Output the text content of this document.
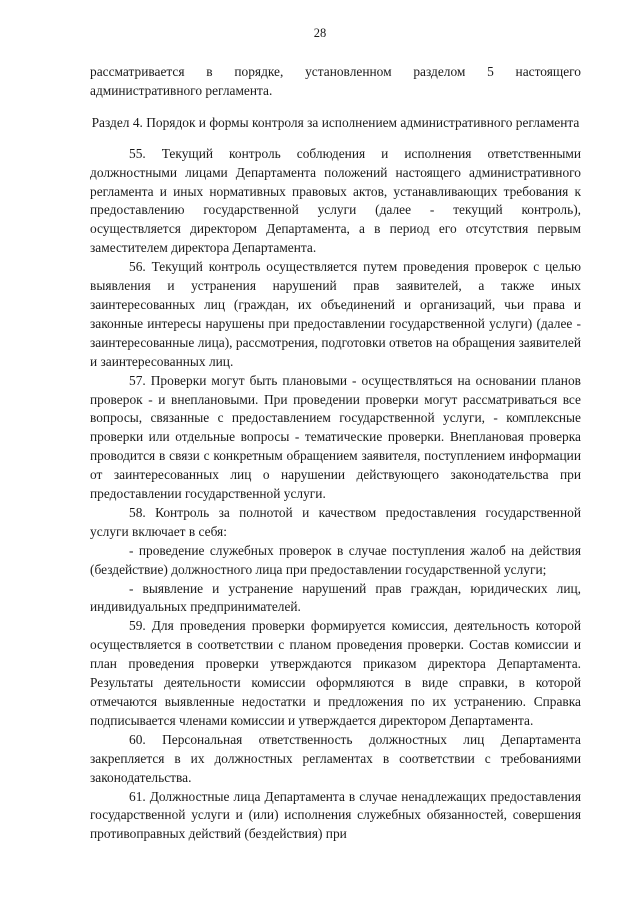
28

рассматривается в порядке, установленном разделом 5 настоящего административного регламента.

Раздел 4. Порядок и формы контроля за исполнением административного регламента

55. Текущий контроль соблюдения и исполнения ответственными должностными лицами Департамента положений настоящего административного регламента и иных нормативных правовых актов, устанавливающих требования к предоставлению государственной услуги (далее - текущий контроль), осуществляется директором Департамента, а в период его отсутствия первым заместителем директора Департамента.

56. Текущий контроль осуществляется путем проведения проверок с целью выявления и устранения нарушений прав заявителей, а также иных заинтересованных лиц (граждан, их объединений и организаций, чьи права и законные интересы нарушены при предоставлении государственной услуги) (далее - заинтересованные лица), рассмотрения, подготовки ответов на обращения заявителей и заинтересованных лиц.

57. Проверки могут быть плановыми - осуществляться на основании планов проверок - и внеплановыми. При проведении проверки могут рассматриваться все вопросы, связанные с предоставлением государственной услуги, - комплексные проверки или отдельные вопросы - тематические проверки. Внеплановая проверка проводится в связи с конкретным обращением заявителя, поступлением информации от заинтересованных лиц о нарушении действующего законодательства при предоставлении государственной услуги.

58. Контроль за полнотой и качеством предоставления государственной услуги включает в себя:

- проведение служебных проверок в случае поступления жалоб на действия (бездействие) должностного лица при предоставлении государственной услуги;

- выявление и устранение нарушений прав граждан, юридических лиц, индивидуальных предпринимателей.

59. Для проведения проверки формируется комиссия, деятельность которой осуществляется в соответствии с планом проведения проверки. Состав комиссии и план проведения проверки утверждаются приказом директора Департамента. Результаты деятельности комиссии оформляются в виде справки, в которой отмечаются выявленные недостатки и предложения по их устранению. Справка подписывается членами комиссии и утверждается директором Департамента.

60. Персональная ответственность должностных лиц Департамента закрепляется в их должностных регламентах в соответствии с требованиями законодательства.

61. Должностные лица Департамента в случае ненадлежащих предоставления государственной услуги и (или) исполнения служебных обязанностей, совершения противоправных действий (бездействия) при
